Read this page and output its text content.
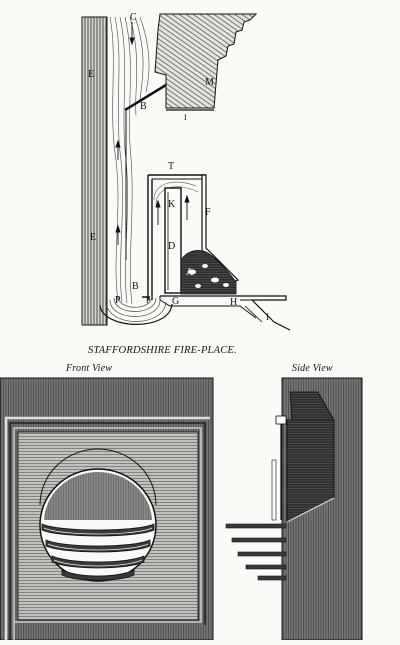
C
M
E
B
I
T
K
F
E
D
A
B
P	P G	H
I
STAFFORDSHIRE FIRE-PLACE.
Front View	Side View
